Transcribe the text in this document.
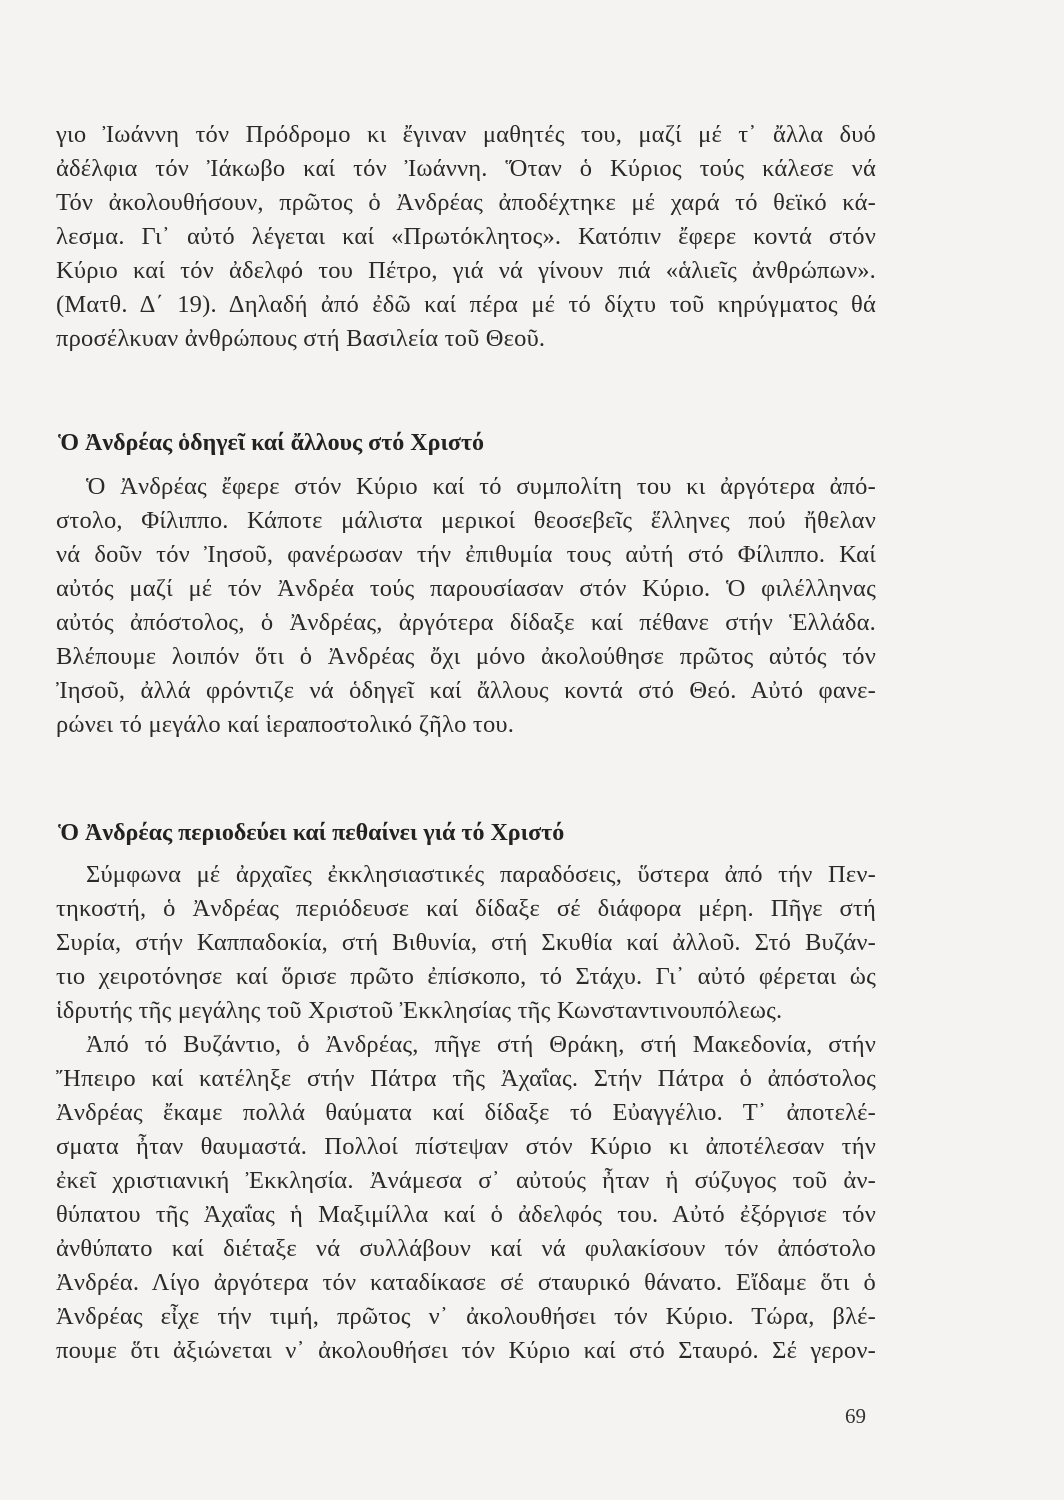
γιο Ἰωάννη τόν Πρόδρομο κι ἔγιναν μαθητές του, μαζί μέ τ᾽ ἄλλα δυό
ἀδέλφια τόν Ἰάκωβο καί τόν Ἰωάννη. Ὅταν ὁ Κύριος τούς κάλεσε νά
Τόν ἀκολουθήσουν, πρῶτος ὁ Ἀνδρέας ἀποδέχτηκε μέ χαρά τό θεϊκό κά-
λεσμα. Γι᾽ αὐτό λέγεται καί «Πρωτόκλητος». Κατόπιν ἔφερε κοντά στόν
Κύριο καί τόν ἀδελφό του Πέτρο, γιά νά γίνουν πιά «ἁλιεῖς ἀνθρώπων».
(Ματθ. Δ΄ 19). Δηλαδή ἀπό ἐδῶ καί πέρα μέ τό δίχτυ τοῦ κηρύγματος θά
προσέλκυαν ἀνθρώπους στή Βασιλεία τοῦ Θεοῦ.
Ὁ Ἀνδρέας ὁδηγεῖ καί ἄλλους στό Χριστό
Ὁ Ἀνδρέας ἔφερε στόν Κύριο καί τό συμπολίτη του κι ἀργότερα ἀπό-
στολο, Φίλιππο. Κάποτε μάλιστα μερικοί θεοσεβεῖς ἕλληνες πού ἤθελαν
νά δοῦν τόν Ἰησοῦ, φανέρωσαν τήν ἐπιθυμία τους αὐτή στό Φίλιππο. Καί
αὐτός μαζί μέ τόν Ἀνδρέα τούς παρουσίασαν στόν Κύριο. Ὁ φιλέλληνας
αὐτός ἀπόστολος, ὁ Ἀνδρέας, ἀργότερα δίδαξε καί πέθανε στήν Ἑλλάδα.
Βλέπουμε λοιπόν ὅτι ὁ Ἀνδρέας ὄχι μόνο ἀκολούθησε πρῶτος αὐτός τόν
Ἰησοῦ, ἀλλά φρόντιζε νά ὁδηγεῖ καί ἄλλους κοντά στό Θεό. Αὐτό φανε-
ρώνει τό μεγάλο καί ἱεραποστολικό ζῆλο του.
Ὁ Ἀνδρέας περιοδεύει καί πεθαίνει γιά τό Χριστό
Σύμφωνα μέ ἀρχαῖες ἐκκλησιαστικές παραδόσεις, ὕστερα ἀπό τήν Πεν-
τηκοστή, ὁ Ἀνδρέας περιόδευσε καί δίδαξε σέ διάφορα μέρη. Πῆγε στή
Συρία, στήν Καππαδοκία, στή Βιθυνία, στή Σκυθία καί ἀλλοῦ. Στό Βυζάν-
τιο χειροτόνησε καί ὅρισε πρῶτο ἐπίσκοπο, τό Στάχυ. Γι᾽ αὐτό φέρεται ὡς
ἱδρυτής τῆς μεγάλης τοῦ Χριστοῦ Ἐκκλησίας τῆς Κωνσταντινουπόλεως.
Ἀπό τό Βυζάντιο, ὁ Ἀνδρέας, πῆγε στή Θράκη, στή Μακεδονία, στήν
Ἤπειρο καί κατέληξε στήν Πάτρα τῆς Ἀχαΐας. Στήν Πάτρα ὁ ἀπόστολος
Ἀνδρέας ἔκαμε πολλά θαύματα καί δίδαξε τό Εὐαγγέλιο. Τ᾽ ἀποτελέ-
σματα ἦταν θαυμαστά. Πολλοί πίστεψαν στόν Κύριο κι ἀποτέλεσαν τήν
ἐκεῖ χριστιανική Ἐκκλησία. Ἀνάμεσα σ᾽ αὐτούς ἦταν ἡ σύζυγος τοῦ ἀν-
θύπατου τῆς Ἀχαΐας ἡ Μαξιμίλλα καί ὁ ἀδελφός του. Αὐτό ἐξόργισε τόν
ἀνθύπατο καί διέταξε νά συλλάβουν καί νά φυλακίσουν τόν ἀπόστολο
Ἀνδρέα. Λίγο ἀργότερα τόν καταδίκασε σέ σταυρικό θάνατο. Εἴδαμε ὅτι ὁ
Ἀνδρέας εἶχε τήν τιμή, πρῶτος ν᾽ ἀκολουθήσει τόν Κύριο. Τώρα, βλέ-
πουμε ὅτι ἀξιώνεται ν᾽ ἀκολουθήσει τόν Κύριο καί στό Σταυρό. Σέ γερον-
69
